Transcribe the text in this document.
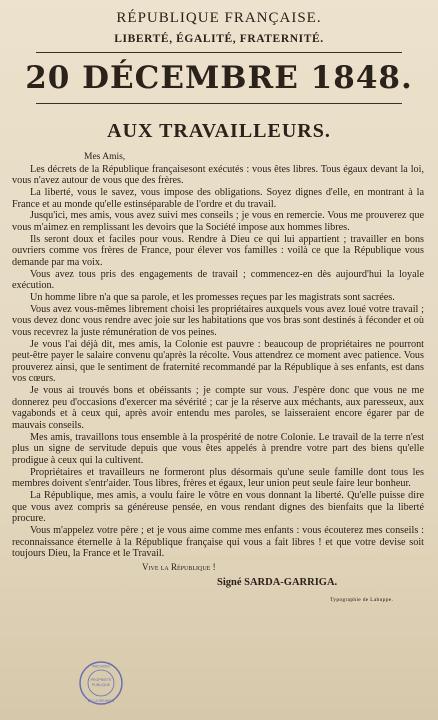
RÉPUBLIQUE FRANÇAISE.
LIBERTÉ, ÉGALITÉ, FRATERNITÉ.
20 DÉCEMBRE 1848.
AUX TRAVAILLEURS.

Mes Amis,

Les décrets de la République françaisesont exécutés : vous êtes libres. Tous égaux devant la loi, vous n'avez autour de vous que des frères.

La liberté, vous le savez, vous impose des obligations. Soyez dignes d'elle, en montrant à la France et au monde qu'elle estinséparable de l'ordre et du travail.

Jusqu'ici, mes amis, vous avez suivi mes conseils ; je vous en remercie. Vous me prouverez que vous m'aimez en remplissant les devoirs que la Société impose aux hommes libres.

Ils seront doux et faciles pour vous. Rendre à Dieu ce qui lui appartient ; travailler en bons ouvriers comme vos frères de France, pour élever vos familles : voilà ce que la République vous demande par ma voix.

Vous avez tous pris des engagements de travail ; commencez-en dès aujourd'hui la loyale exécution.

Un homme libre n'a que sa parole, et les promesses reçues par les magistrats sont sacrées.

Vous avez vous-mêmes librement choisi les propriétaires auxquels vous avez loué votre travail ; vous devez donc vous rendre avec joie sur les habitations que vos bras sont destinés à féconder et où vous recevrez la juste rémunération de vos peines.

Je vous l'ai déjà dit, mes amis, la Colonie est pauvre : beaucoup de propriétaires ne pourront peut-être payer le salaire convenu qu'après la récolte. Vous attendrez ce moment avec patience. Vous prouverez ainsi, que le sentiment de fraternité recommandé par la République à ses enfants, est dans vos cœurs.

Je vous ai trouvés bons et obéissants ; je compte sur vous. J'espère donc que vous ne me donnerez peu d'occasions d'exercer ma sévérité ; car je la réserve aux méchants, aux paresseux, aux vagabonds et à ceux qui, après avoir entendu mes paroles, se laisseraient encore égarer par de mauvais conseils.

Mes amis, travaillons tous ensemble à la prospérité de notre Colonie. Le travail de la terre n'est plus un signe de servitude depuis que vous êtes appelés à prendre votre part des biens qu'elle prodigue à ceux qui la cultivent.

Propriétaires et travailleurs ne formeront plus désormais qu'une seule famille dont tous les membres doivent s'entr'aider. Tous libres, frères et égaux, leur union peut seule faire leur bonheur.

La République, mes amis, a voulu faire le vôtre en vous donnant la liberté. Qu'elle puisse dire que vous avez compris sa généreuse pensée, en vous rendant dignes des bienfaits que la liberté procure.

Vous m'appelez votre père ; et je vous aime comme mes enfants : vous écouterez mes conseils : reconnaissance éternelle à la République française qui vous a fait libres ! et que votre devise soit toujours Dieu, la France et le Travail.

Vive la République !
Signé SARDA-GARRIGA.
Typographie de Lahuppe.
PROPRIÉTÉ
PUBLIQUE
ARCHIVES
DE LA RÉUNION
